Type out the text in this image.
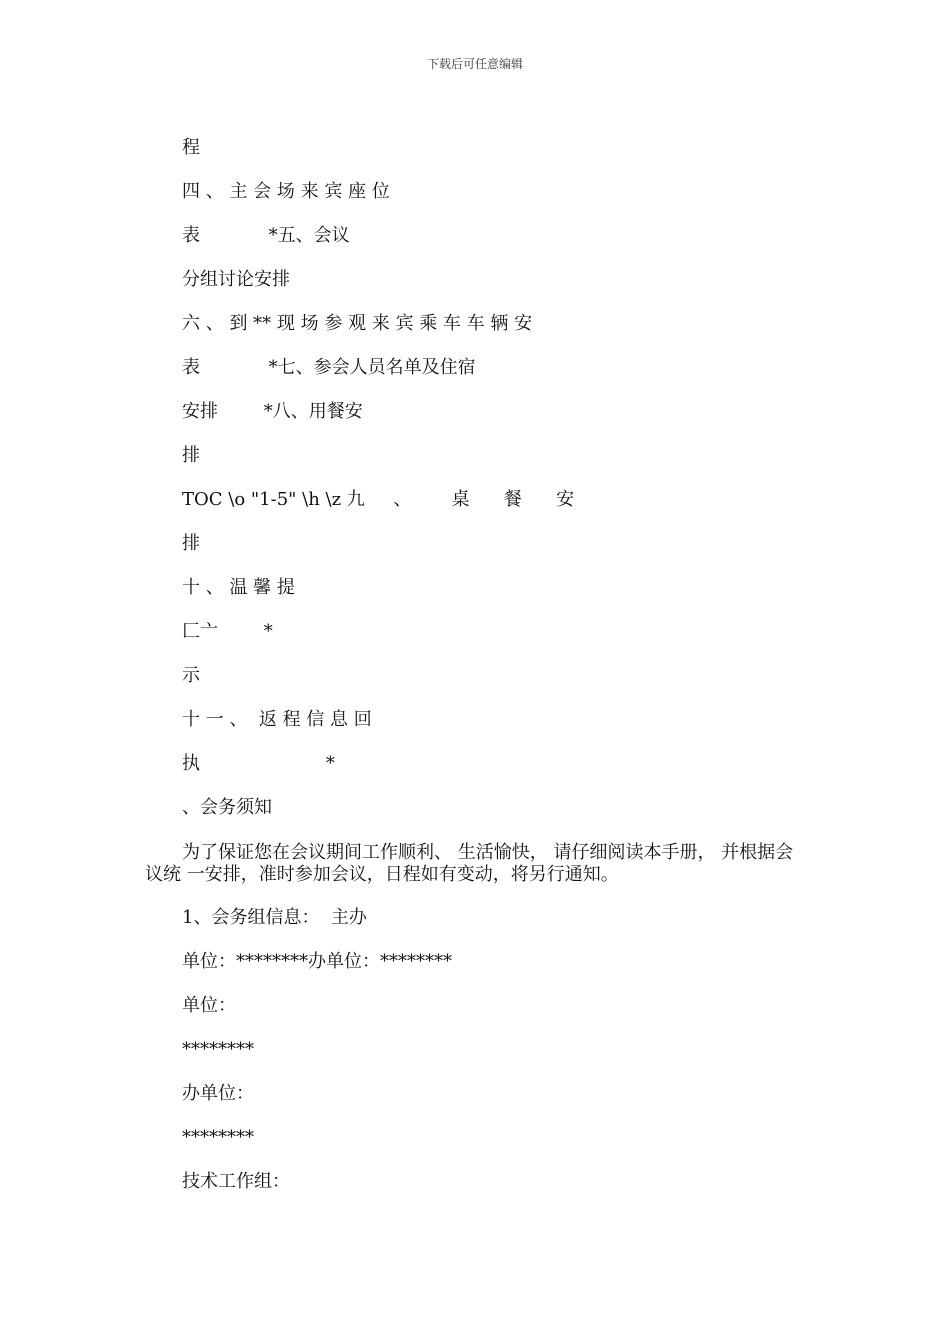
下载后可任意编辑
程
四 、 主 会 场 来 宾 座 位
表            *五、会议
分组讨论安排
六 、 到 ** 现 场 参 观 来 宾 乘 车 车 辆 安
表            *七、参会人员名单及住宿
安排        *八、用餐安
排
TOC \o "1-5" \h \z 九     、       桌      餐      安
排
十 、 温 馨 提
匚亠        *
示
十 一 、  返 程 信 息 回
执                      *
、会务须知
为了保证您在会议期间工作顺利、 生活愉快， 请仔细阅读本手册， 并根据会议统 一安排，准时参加会议，日程如有变动，将另行通知。
1、会务组信息：  主办
单位：********办单位：********
单位：
********
办单位：
********
技术工作组：
